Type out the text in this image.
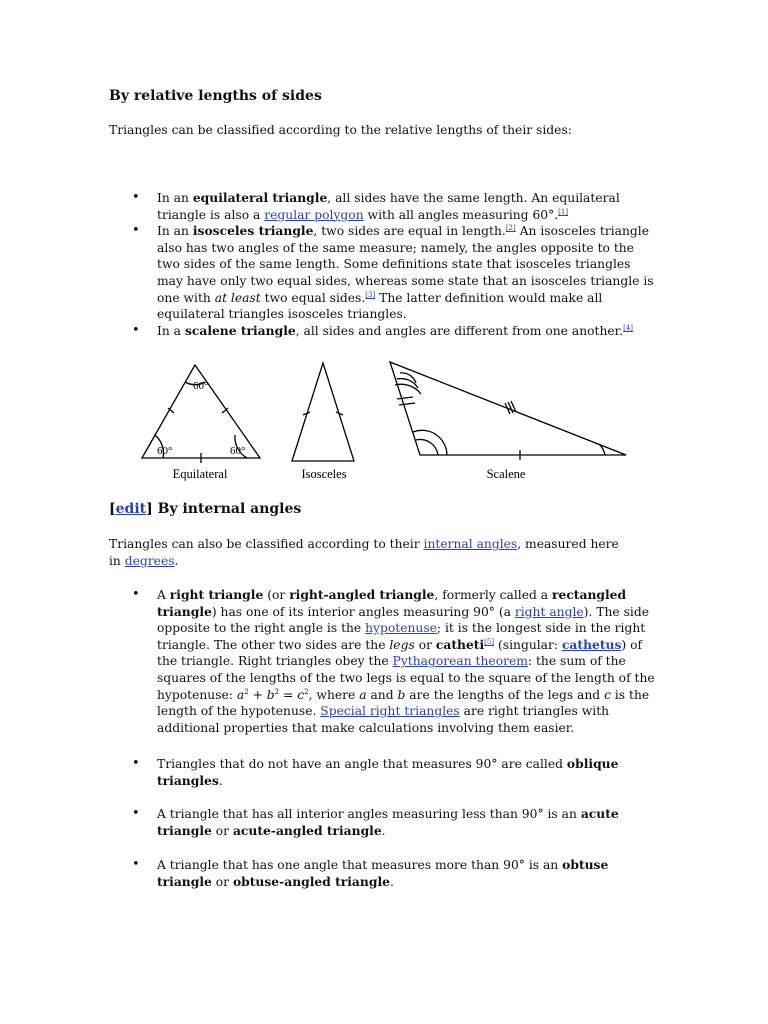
By relative lengths of sides

Triangles can be classified according to the relative lengths of their sides:

• In an equilateral triangle, all sides have the same length. An equilateral triangle is also a regular polygon with all angles measuring 60°.[1]
• In an isosceles triangle, two sides are equal in length.[2] An isosceles triangle also has two angles of the same measure; namely, the angles opposite to the two sides of the same length. Some definitions state that isosceles triangles may have only two equal sides, whereas some state that an isosceles triangle is one with at least two equal sides.[3] The latter definition would make all equilateral triangles isosceles triangles.
• In a scalene triangle, all sides and angles are different from one another.[4]
60°
60°	60°
Equilateral	Isosceles	Scalene
[edit] By internal angles

Triangles can also be classified according to their internal angles, measured here in degrees.

• A right triangle (or right-angled triangle, formerly called a rectangled triangle) has one of its interior angles measuring 90° (a right angle). The side opposite to the right angle is the hypotenuse; it is the longest side in the right triangle. The other two sides are the legs or catheti[5] (singular: cathetus) of the triangle. Right triangles obey the Pythagorean theorem: the sum of the squares of the lengths of the two legs is equal to the square of the length of the hypotenuse: $a^2 + b^2 = c^2$, where a and b are the lengths of the legs and c is the length of the hypotenuse. Special right triangles are right triangles with additional properties that make calculations involving them easier.
• Triangles that do not have an angle that measures 90° are called oblique triangles.
• A triangle that has all interior angles measuring less than 90° is an acute triangle or acute-angled triangle.
• A triangle that has one angle that measures more than 90° is an obtuse triangle or obtuse-angled triangle.
